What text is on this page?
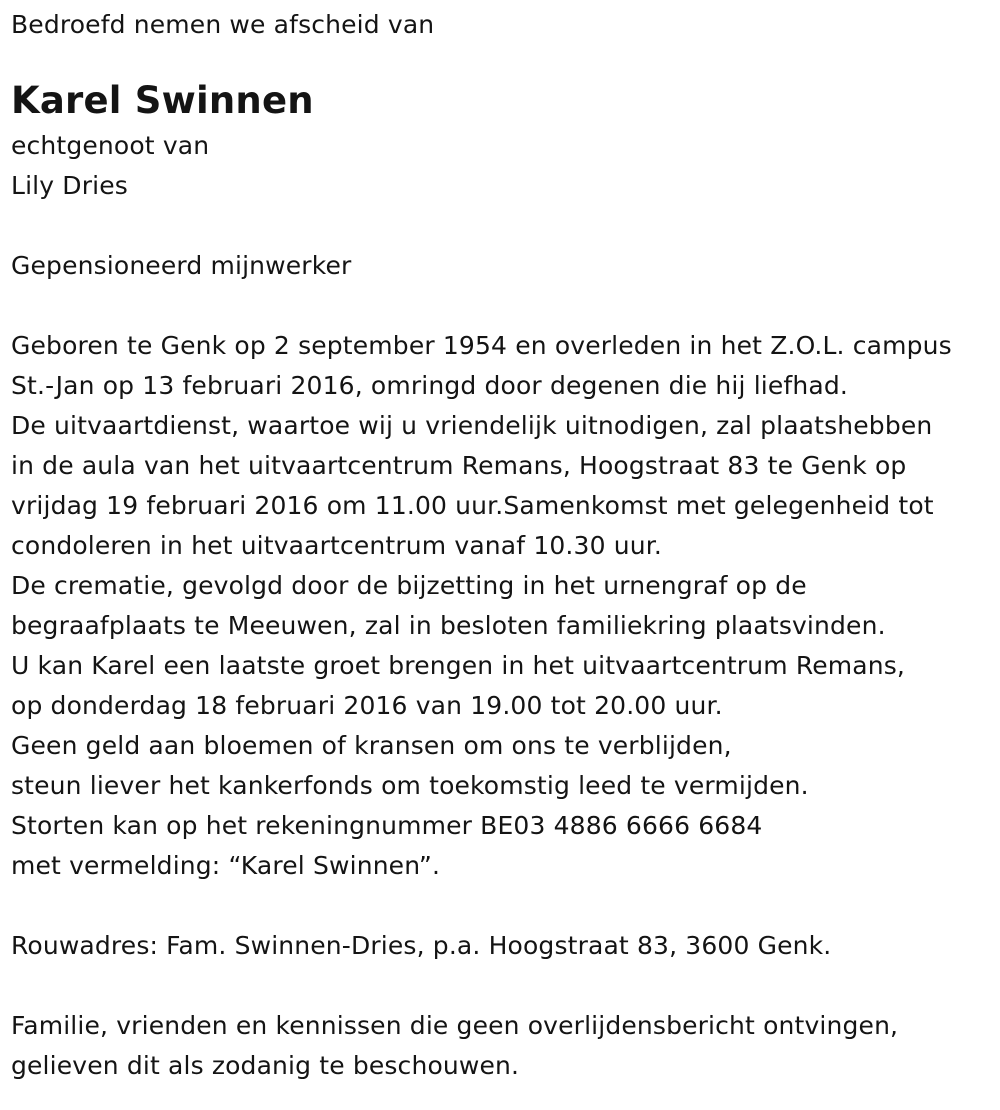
Bedroefd nemen we afscheid van
Karel Swinnen
echtgenoot van
Lily Dries
Gepensioneerd mijnwerker
Geboren te Genk op 2 september 1954 en overleden in het Z.O.L. campus
St.-Jan op 13 februari 2016, omringd door degenen die hij liefhad.
De uitvaartdienst, waartoe wij u vriendelijk uitnodigen, zal plaatshebben
in de aula van het uitvaartcentrum Remans, Hoogstraat 83 te Genk op
vrijdag 19 februari 2016 om 11.00 uur.Samenkomst met gelegenheid tot
condoleren in het uitvaartcentrum vanaf 10.30 uur.
De crematie, gevolgd door de bijzetting in het urnengraf op de
begraafplaats te Meeuwen, zal in besloten familiekring plaatsvinden.
U kan Karel een laatste groet brengen in het uitvaartcentrum Remans,
op donderdag 18 februari 2016 van 19.00 tot 20.00 uur.
Geen geld aan bloemen of kransen om ons te verblijden,
steun liever het kankerfonds om toekomstig leed te vermijden.
Storten kan op het rekeningnummer BE03 4886 6666 6684
met vermelding: “Karel Swinnen”.
Rouwadres: Fam. Swinnen-Dries, p.a. Hoogstraat 83, 3600 Genk.
Familie, vrienden en kennissen die geen overlijdensbericht ontvingen,
gelieven dit als zodanig te beschouwen.
